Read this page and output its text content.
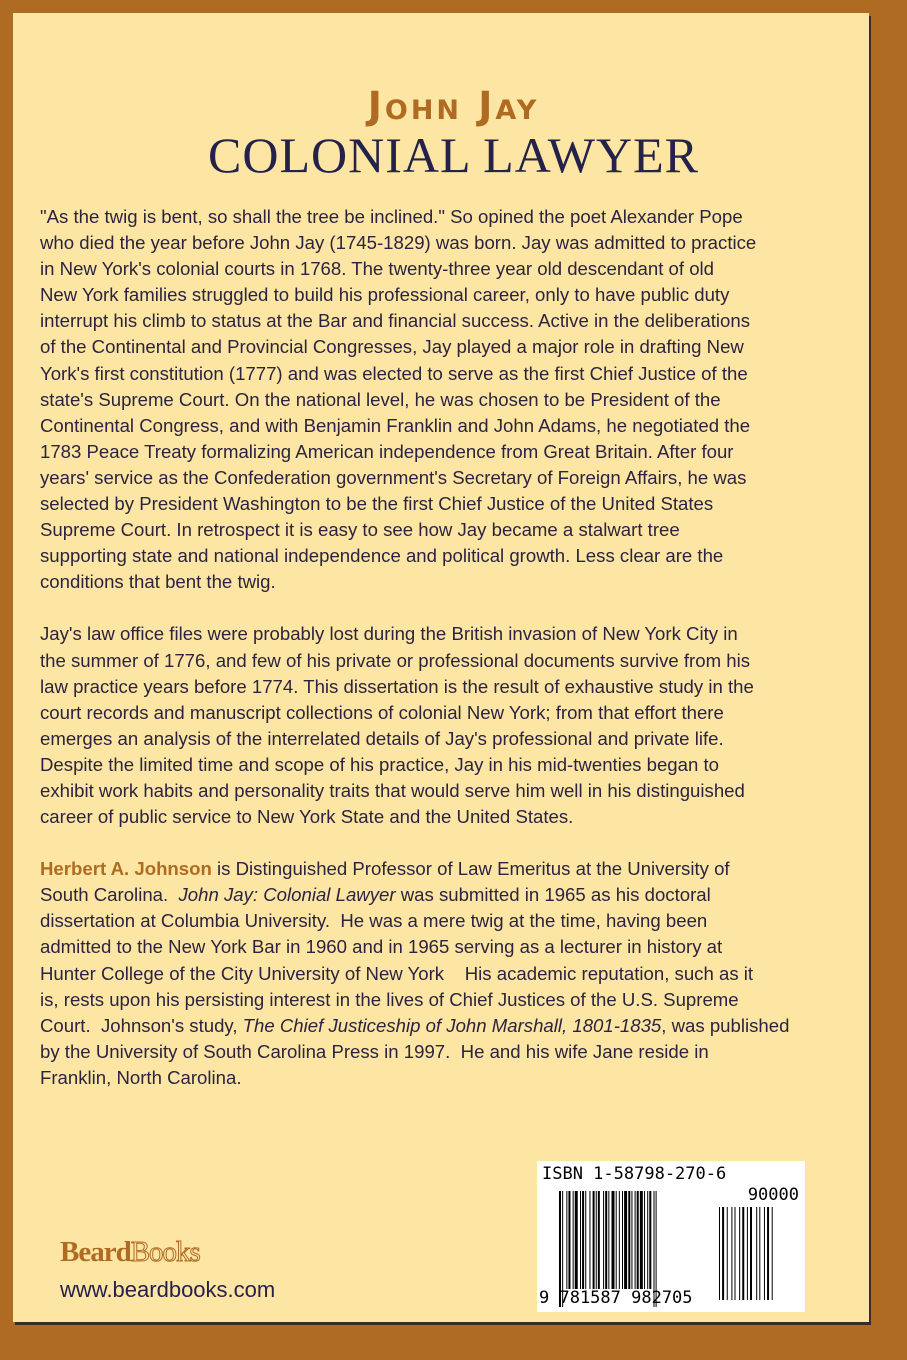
John Jay
COLONIAL LAWYER
"As the twig is bent, so shall the tree be inclined." So opined the poet Alexander Pope
who died the year before John Jay (1745-1829) was born. Jay was admitted to practice
in New York's colonial courts in 1768. The twenty-three year old descendant of old
New York families struggled to build his professional career, only to have public duty
interrupt his climb to status at the Bar and financial success. Active in the deliberations
of the Continental and Provincial Congresses, Jay played a major role in drafting New
York's first constitution (1777) and was elected to serve as the first Chief Justice of the
state's Supreme Court. On the national level, he was chosen to be President of the
Continental Congress, and with Benjamin Franklin and John Adams, he negotiated the
1783 Peace Treaty formalizing American independence from Great Britain. After four
years' service as the Confederation government's Secretary of Foreign Affairs, he was
selected by President Washington to be the first Chief Justice of the United States
Supreme Court. In retrospect it is easy to see how Jay became a stalwart tree
supporting state and national independence and political growth. Less clear are the
conditions that bent the twig.
Jay's law office files were probably lost during the British invasion of New York City in
the summer of 1776, and few of his private or professional documents survive from his
law practice years before 1774. This dissertation is the result of exhaustive study in the
court records and manuscript collections of colonial New York; from that effort there
emerges an analysis of the interrelated details of Jay's professional and private life.
Despite the limited time and scope of his practice, Jay in his mid-twenties began to
exhibit work habits and personality traits that would serve him well in his distinguished
career of public service to New York State and the United States.
Herbert A. Johnson is Distinguished Professor of Law Emeritus at the University of
South Carolina.  John Jay: Colonial Lawyer was submitted in 1965 as his doctoral
dissertation at Columbia University.  He was a mere twig at the time, having been
admitted to the New York Bar in 1960 and in 1965 serving as a lecturer in history at
Hunter College of the City University of New York    His academic reputation, such as it
is, rests upon his persisting interest in the lives of Chief Justices of the U.S. Supreme
Court.  Johnson's study, The Chief Justiceship of John Marshall, 1801-1835, was published
by the University of South Carolina Press in 1997.  He and his wife Jane reside in
Franklin, North Carolina.
BeardBooks
www.beardbooks.com
ISBN 1-58798-270-6
90000
9 781587 982705
